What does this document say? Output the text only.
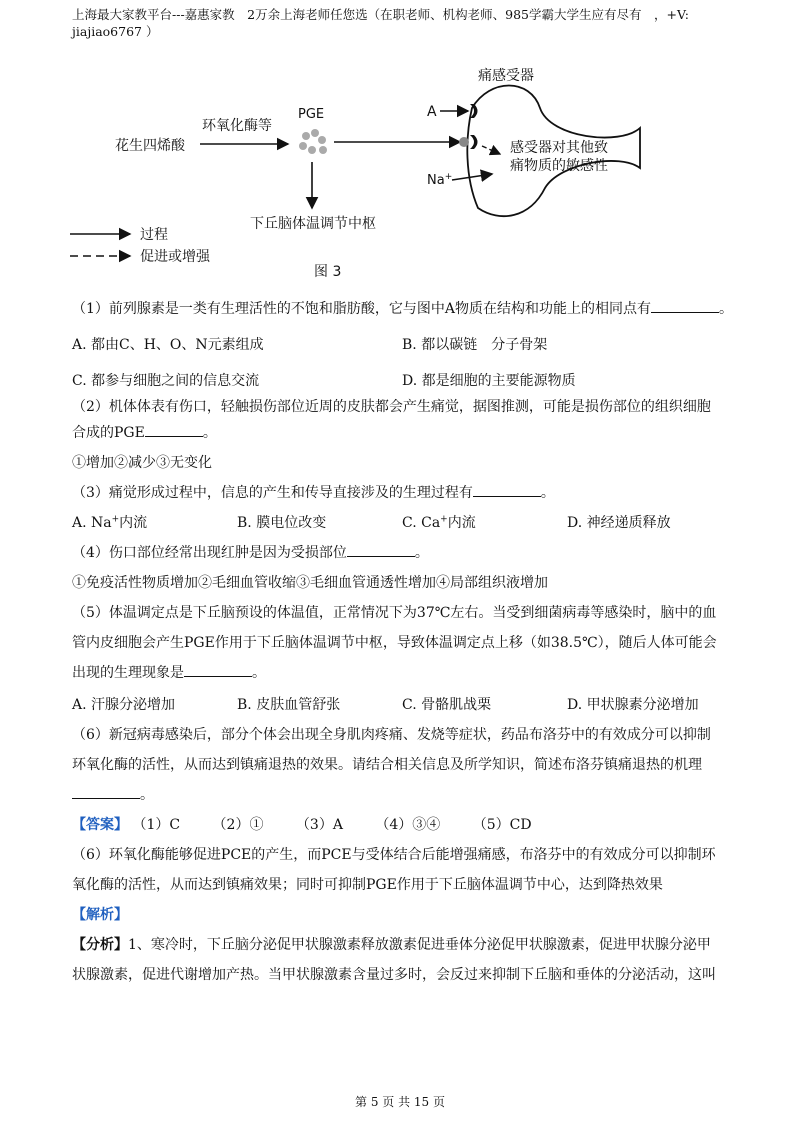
上海最大家教平台---嘉惠家教　2万余上海老师任您选（在职老师、机构老师、985学霸大学生应有尽有　，+V: jiajiao6767 ）
花生四烯酸
环氧化酶等
PGE
下丘脑体温调节中枢
痛感受器
A
感受器对其他致
痛物质的敏感性
Na+
过程
促进或增强
图 3
（1）前列腺素是一类有生理活性的不饱和脂肪酸，它与图中A物质在结构和功能上的相同点有	。
A. 都由C、H、O、N元素组成	B. 都以碳链　分子骨架
C. 都参与细胞之间的信息交流	D. 都是细胞的主要能源物质
（2）机体体表有伤口，轻触损伤部位近周的皮肤都会产生痛觉，据图推测，可能是损伤部位的组织细胞
合成的PGE	。
①增加②减少③无变化
（3）痛觉形成过程中，信息的产生和传导直接涉及的生理过程有	。
A. Na+内流	B. 膜电位改变	C. Ca+内流	D. 神经递质释放
（4）伤口部位经常出现红肿是因为受损部位	。
①免疫活性物质增加②毛细血管收缩③毛细血管通透性增加④局部组织液增加
（5）体温调定点是下丘脑预设的体温值，正常情况下为37℃左右。当受到细菌病毒等感染时，脑中的血
管内皮细胞会产生PGE作用于下丘脑体温调节中枢，导致体温调定点上移（如38.5℃），随后人体可能会
出现的生理现象是	。
A. 汗腺分泌增加	B. 皮肤血管舒张	C. 骨骼肌战栗	D. 甲状腺素分泌增加
（6）新冠病毒感染后，部分个体会出现全身肌肉疼痛、发烧等症状，药品布洛芬中的有效成分可以抑制
环氧化酶的活性，从而达到镇痛退热的效果。请结合相关信息及所学知识，简述布洛芬镇痛退热的机理
。
【答案】 （1）C （2）① （3）A （4）③④ （5）CD
（6）环氧化酶能够促进PCE的产生，而PCE与受体结合后能增强痛感，布洛芬中的有效成分可以抑制环
氧化酶的活性，从而达到镇痛效果；同时可抑制PGE作用于下丘脑体温调节中心，达到降热效果
【解析】
【分析】1、寒冷时，下丘脑分泌促甲状腺激素释放激素促进垂体分泌促甲状腺激素，促进甲状腺分泌甲
状腺激素，促进代谢增加产热。当甲状腺激素含量过多时，会反过来抑制下丘脑和垂体的分泌活动，这叫
第 5 页 共 15 页
